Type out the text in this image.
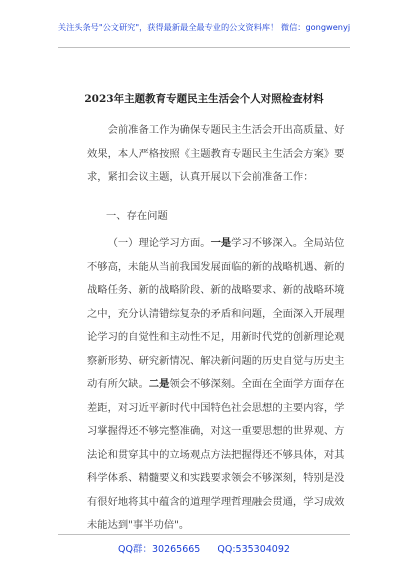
关注头条号"公文研究"，获得最新最全最专业的公文资料库！ 微信：gongwenyj
2023年主题教育专题民主生活会个人对照检查材料
会前准备工作为确保专题民主生活会开出高质量、好
效果，本人严格按照《主题教育专题民主生活会方案》要
求，紧扣会议主题，认真开展以下会前准备工作：
一、存在问题
（一）理论学习方面。一是学习不够深入。全局站位
不够高，未能从当前我国发展面临的新的战略机遇、新的
战略任务、新的战略阶段、新的战略要求、新的战略环境
之中，充分认清错综复杂的矛盾和问题，全面深入开展理
论学习的自觉性和主动性不足，用新时代党的创新理论观
察新形势、研究新情况、解决新问题的历史自觉与历史主
动有所欠缺。二是领会不够深刻。全面在全面学方面存在
差距，对习近平新时代中国特色社会思想的主要内容，学
习掌握得还不够完整准确，对这一重要思想的世界观、方
法论和贯穿其中的立场观点方法把握得还不够具体，对其
科学体系、精髓要义和实践要求领会不够深刻，特别是没
有很好地将其中蕴含的道理学理哲理融会贯通，学习成效
未能达到"事半功倍"。
QQ群：30265665 QQ:535304092
